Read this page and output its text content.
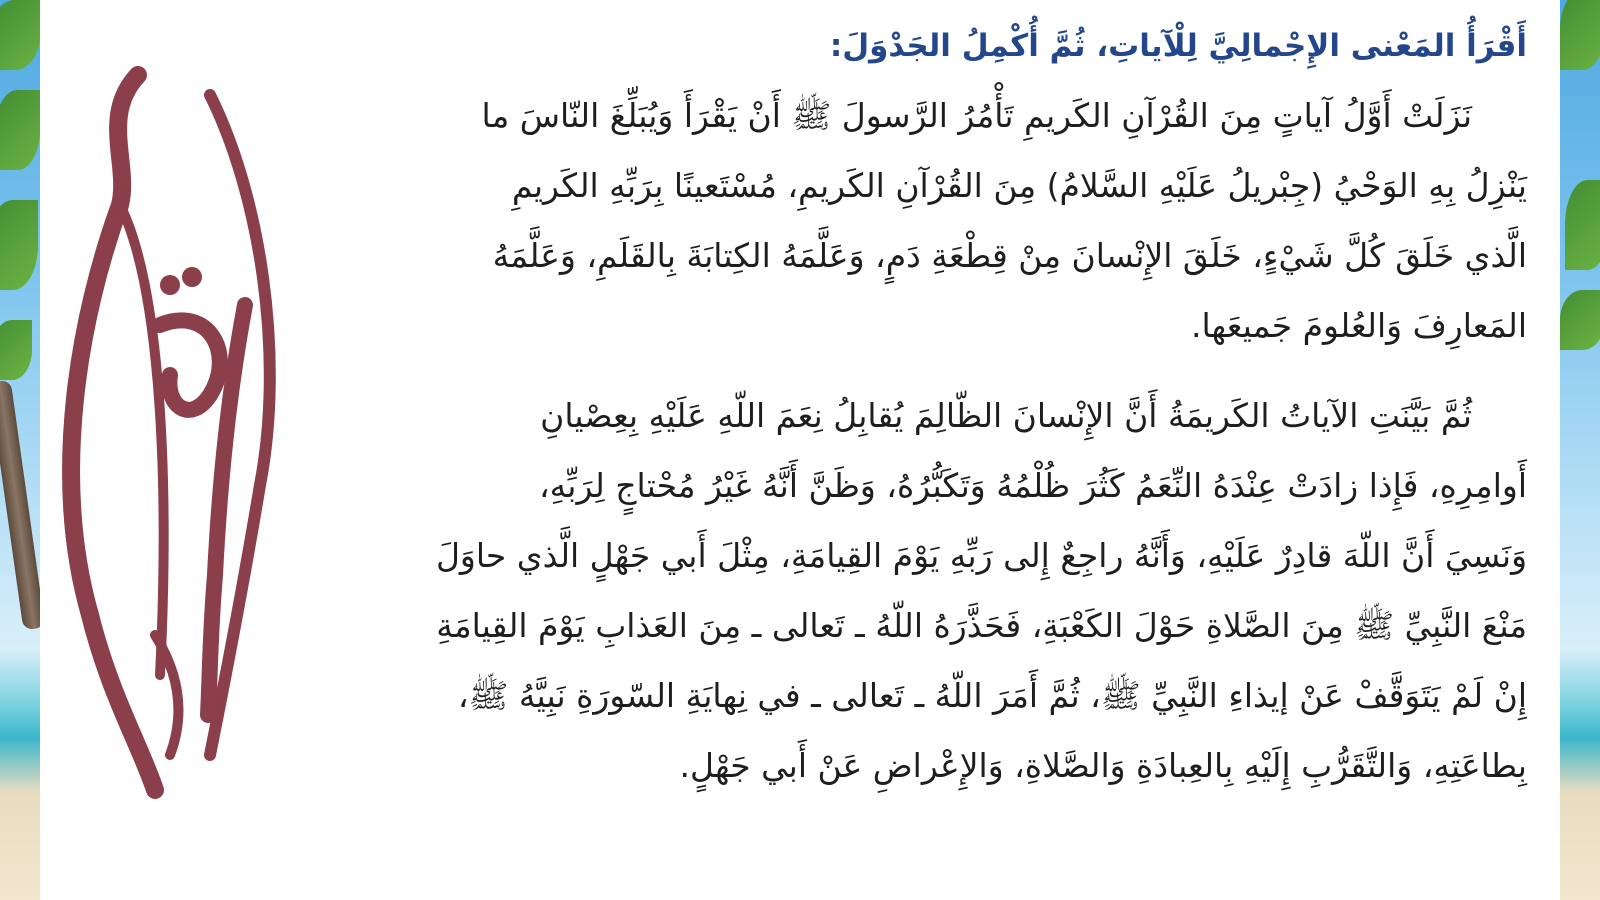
أَقْرَأُ المَعْنى الإِجْمالِيَّ لِلْآياتِ، ثُمَّ أُكْمِلُ الجَدْوَلَ:

نَزَلَتْ أَوَّلُ آياتٍ مِنَ القُرْآنِ الكَريمِ تَأْمُرُ الرَّسولَ ﷺ أَنْ يَقْرَأَ وَيُبَلِّغَ النّاسَ ما

يَنْزِلُ بِهِ الوَحْيُ (جِبْريلُ عَلَيْهِ السَّلامُ) مِنَ القُرْآنِ الكَريمِ، مُسْتَعينًا بِرَبِّهِ الكَريمِ

الَّذي خَلَقَ كُلَّ شَيْءٍ، خَلَقَ الإِنْسانَ مِنْ قِطْعَةِ دَمٍ، وَعَلَّمَهُ الكِتابَةَ بِالقَلَمِ، وَعَلَّمَهُ

المَعارِفَ وَالعُلومَ جَميعَها.

ثُمَّ بَيَّنَتِ الآياتُ الكَريمَةُ أَنَّ الإِنْسانَ الظّالِمَ يُقابِلُ نِعَمَ اللّهِ عَلَيْهِ بِعِصْيانِ

أَوامِرِهِ، فَإِذا زادَتْ عِنْدَهُ النِّعَمُ كَثُرَ ظُلْمُهُ وَتَكَبُّرُهُ، وَظَنَّ أَنَّهُ غَيْرُ مُحْتاجٍ لِرَبِّهِ،

وَنَسِيَ أَنَّ اللّهَ قادِرٌ عَلَيْهِ، وَأَنَّهُ راجِعٌ إِلى رَبِّهِ يَوْمَ القِيامَةِ، مِثْلَ أَبي جَهْلٍ الَّذي حاوَلَ

مَنْعَ النَّبِيِّ ﷺ مِنَ الصَّلاةِ حَوْلَ الكَعْبَةِ، فَحَذَّرَهُ اللّهُ ـ تَعالى ـ مِنَ العَذابِ يَوْمَ القِيامَةِ

إِنْ لَمْ يَتَوَقَّفْ عَنْ إيذاءِ النَّبِيِّ ﷺ، ثُمَّ أَمَرَ اللّهُ ـ تَعالى ـ في نِهايَةِ السّورَةِ نَبِيَّهُ ﷺ،

بِطاعَتِهِ، وَالتَّقَرُّبِ إِلَيْهِ بِالعِبادَةِ وَالصَّلاةِ، وَالإِعْراضِ عَنْ أَبي جَهْلٍ.
